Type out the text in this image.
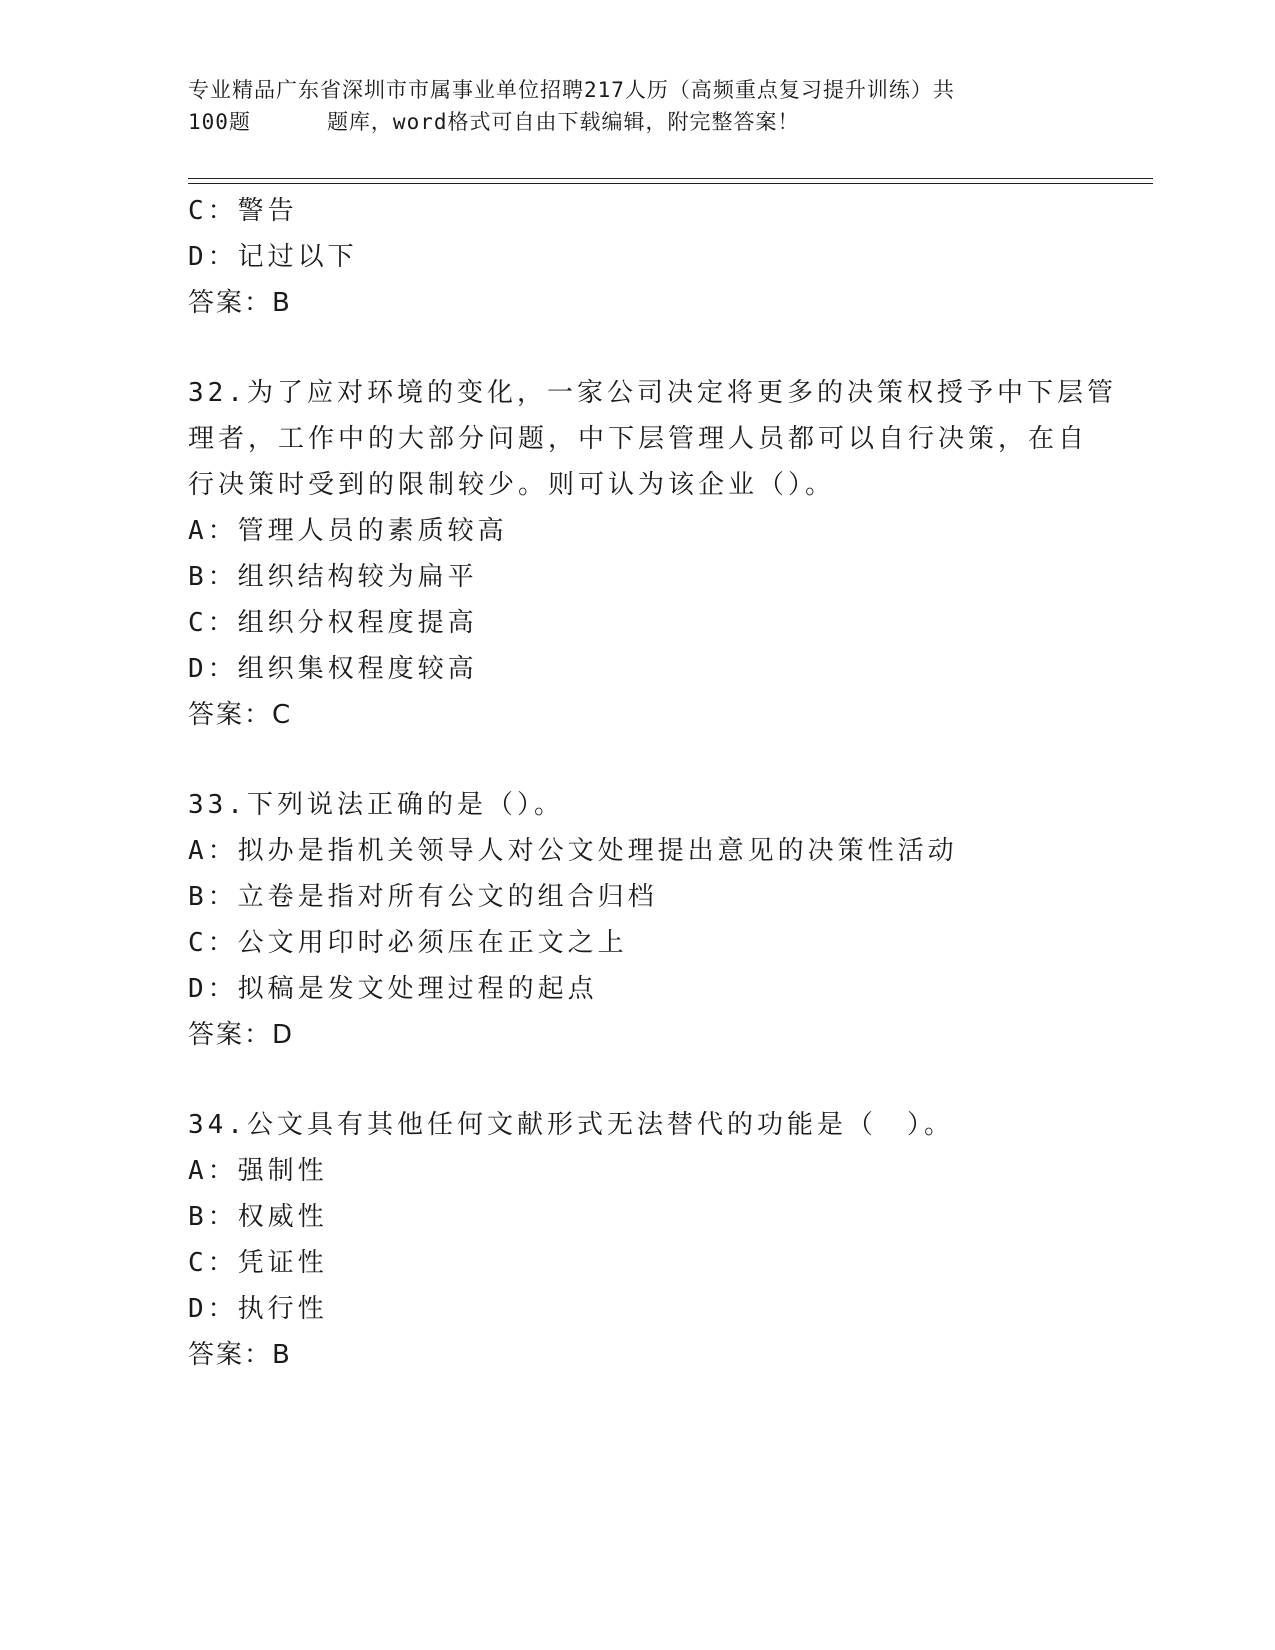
专业精品广东省深圳市市属事业单位招聘217人历（高频重点复习提升训练）共
100题	题库，word格式可自由下载编辑，附完整答案！
C：警告
D：记过以下
答案：B
32.为了应对环境的变化，一家公司决定将更多的决策权授予中下层管
理者，工作中的大部分问题，中下层管理人员都可以自行决策，在自
行决策时受到的限制较少。则可认为该企业（）。
A：管理人员的素质较高
B：组织结构较为扁平
C：组织分权程度提高
D：组织集权程度较高
答案：C
33.下列说法正确的是（）。
A：拟办是指机关领导人对公文处理提出意见的决策性活动
B：立卷是指对所有公文的组合归档
C：公文用印时必须压在正文之上
D：拟稿是发文处理过程的起点
答案：D
34.公文具有其他任何文献形式无法替代的功能是（　）。
A：强制性
B：权威性
C：凭证性
D：执行性
答案：B
